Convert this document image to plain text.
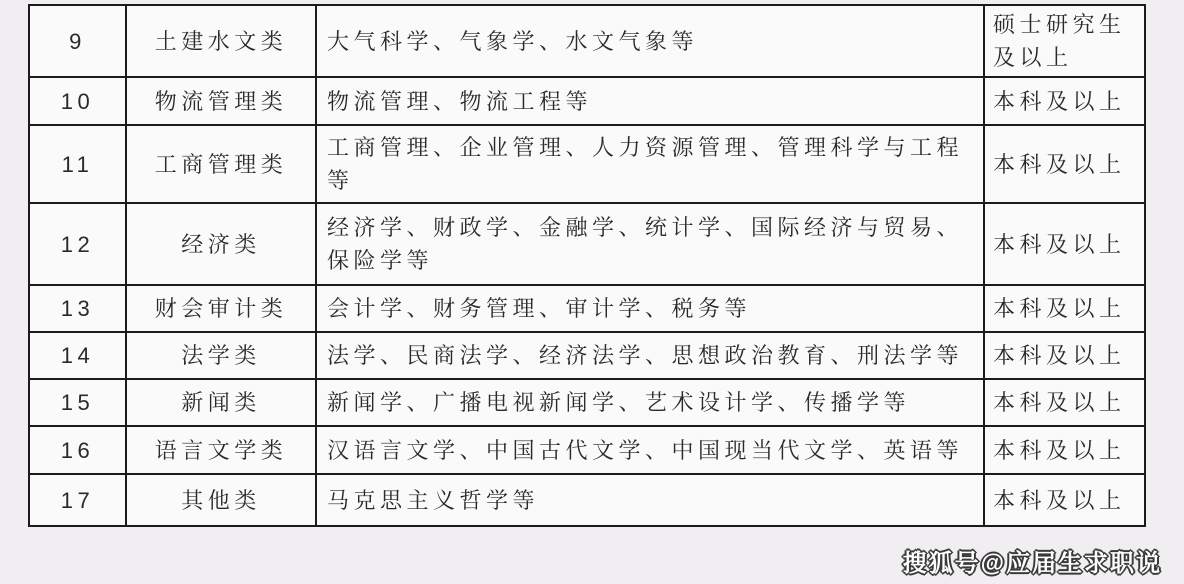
9	土建水文类	大气科学、气象学、水文气象等	硕士研究生及以上
10	物流管理类	物流管理、物流工程等	本科及以上
11	工商管理类	工商管理、企业管理、人力资源管理、管理科学与工程等	本科及以上
12	经济类	经济学、财政学、金融学、统计学、国际经济与贸易、保险学等	本科及以上
13	财会审计类	会计学、财务管理、审计学、税务等	本科及以上
14	法学类	法学、民商法学、经济法学、思想政治教育、刑法学等	本科及以上
15	新闻类	新闻学、广播电视新闻学、艺术设计学、传播学等	本科及以上
16	语言文学类	汉语言文学、中国古代文学、中国现当代文学、英语等	本科及以上
17	其他类	马克思主义哲学等	本科及以上
搜狐号@应届生求职说
